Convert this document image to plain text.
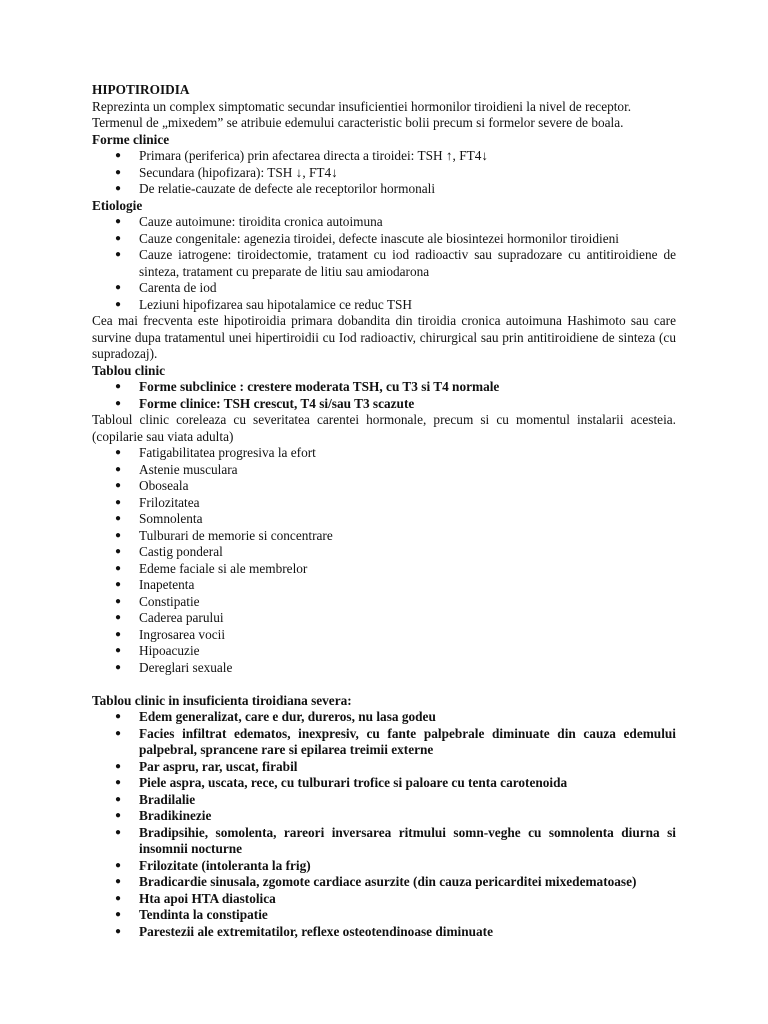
HIPOTIROIDIA

Reprezinta un complex simptomatic secundar insuficientiei hormonilor tiroidieni la nivel de receptor.

Termenul de „mixedem” se atribuie edemului caracteristic bolii precum si formelor severe de boala.

Forme clinice
● Primara (periferica) prin afectarea directa a tiroidei: TSH ↑, FT4↓
● Secundara (hipofizara): TSH ↓, FT4↓
● De relatie-cauzate de defecte ale receptorilor hormonali
Etiologie
● Cauze autoimune: tiroidita cronica autoimuna
● Cauze congenitale: agenezia tiroidei, defecte inascute ale biosintezei hormonilor tiroidieni
● Cauze iatrogene: tiroidectomie, tratament cu iod radioactiv sau supradozare cu antitiroidiene de sinteza, tratament cu preparate de litiu sau amiodarona
● Carenta de iod
● Leziuni hipofizarea sau hipotalamice ce reduc TSH

Cea mai frecventa este hipotiroidia primara dobandita din tiroidia cronica autoimuna Hashimoto sau care survine dupa tratamentul unei hipertiroidii cu Iod radioactiv, chirurgical sau prin antitiroidiene de sinteza (cu supradozaj).

Tablou clinic
● Forme subclinice : crestere moderata TSH, cu T3 si T4 normale
● Forme clinice: TSH crescut, T4 si/sau T3 scazute

Tabloul clinic coreleaza cu severitatea carentei hormonale, precum si cu momentul instalarii acesteia. (copilarie sau viata adulta)

● Fatigabilitatea progresiva la efort
● Astenie musculara
● Oboseala
● Frilozitatea
● Somnolenta
● Tulburari de memorie si concentrare
● Castig ponderal
● Edeme faciale si ale membrelor
● Inapetenta
● Constipatie
● Caderea parului
● Ingrosarea vocii
● Hipoacuzie
● Dereglari sexuale
Tablou clinic in insuficienta tiroidiana severa:
● Edem generalizat, care e dur, dureros, nu lasa godeu
● Facies infiltrat edematos, inexpresiv, cu fante palpebrale diminuate din cauza edemului palpebral, sprancene rare si epilarea treimii externe
● Par aspru, rar, uscat, firabil
● Piele aspra, uscata, rece, cu tulburari trofice si paloare cu tenta carotenoida
● Bradilalie
● Bradikinezie
● Bradipsihie, somolenta, rareori inversarea ritmului somn-veghe cu somnolenta diurna si insomnii nocturne
● Frilozitate (intoleranta la frig)
● Bradicardie sinusala, zgomote cardiace asurzite (din cauza pericarditei mixedematoase)
● Hta apoi HTA diastolica
● Tendinta la constipatie
● Parestezii ale extremitatilor, reflexe osteotendinoase diminuate
